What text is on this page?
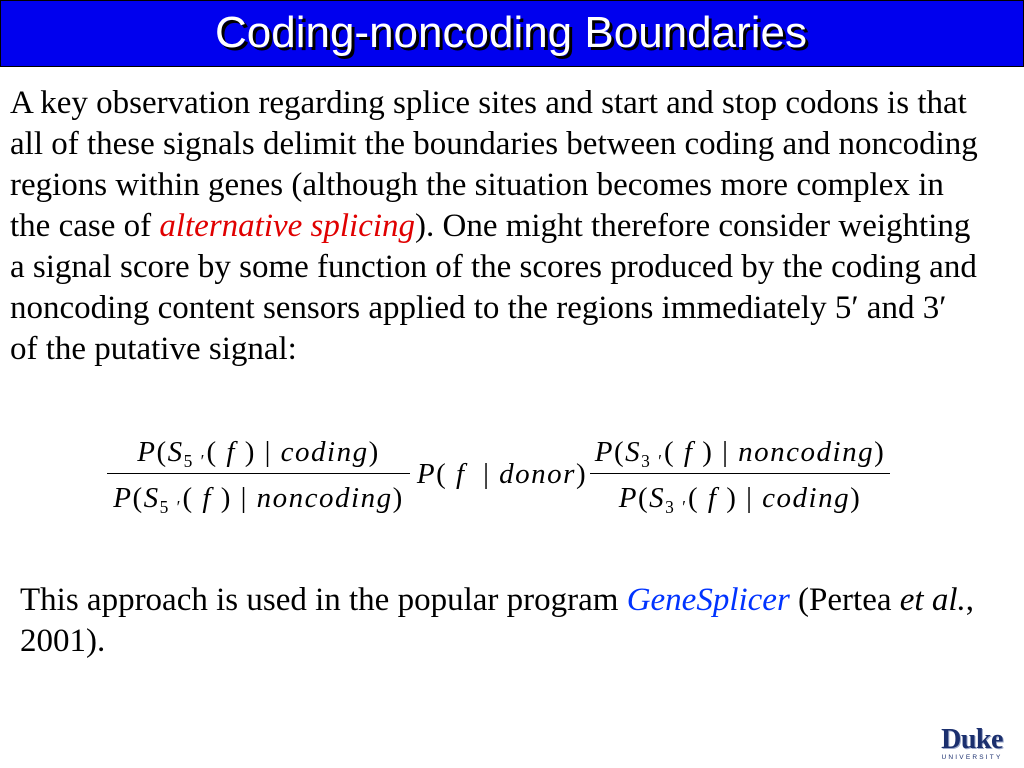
Coding-noncoding Boundaries
A key observation regarding splice sites and start and stop codons is that
all of these signals delimit the boundaries between coding and noncoding
regions within genes (although the situation becomes more complex in
the case of alternative splicing). One might therefore consider weighting
a signal score by some function of the scores produced by the coding and
noncoding content sensors applied to the regions immediately 5′ and 3′
of the putative signal:
$P(S_{5 '}$( f ) | coding)
$P(S_{5 '}$( f ) | noncoding)
P( f  | donor)
$P(S_{3 '}$( f ) | noncoding)
$P(S_{3 '}$( f ) | coding)
This approach is used in the popular program GeneSplicer (Pertea et al.,
2001).
Duke
UNIVERSITY
